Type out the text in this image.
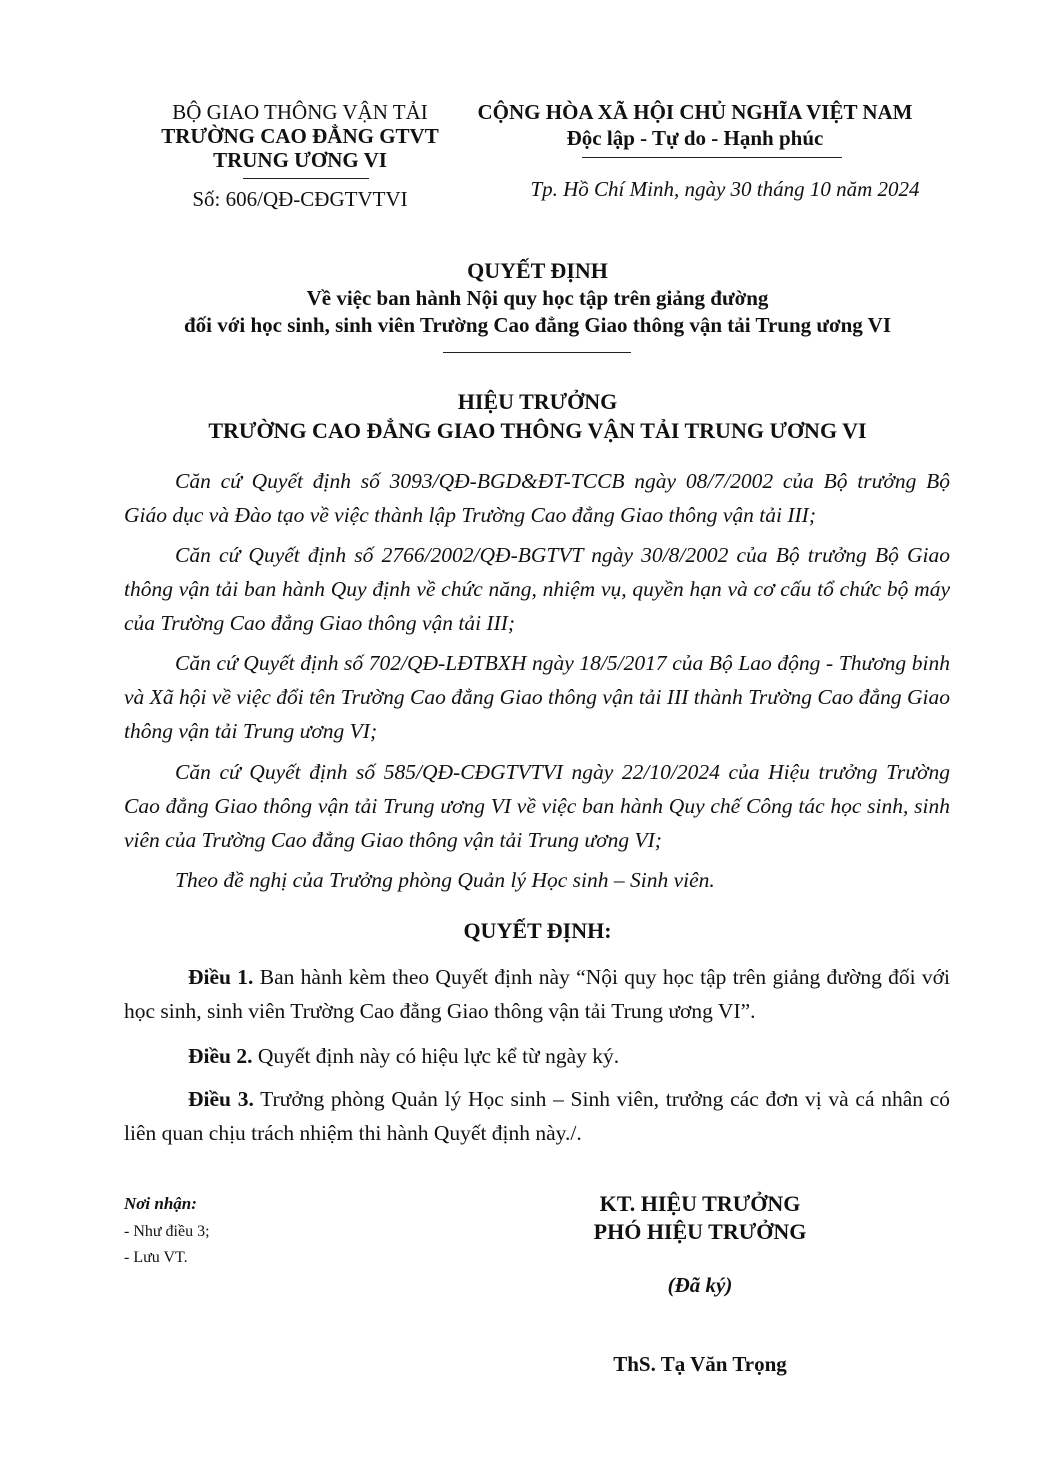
BỘ GIAO THÔNG VẬN TẢI
TRƯỜNG CAO ĐẲNG GTVT
TRUNG ƯƠNG VI
Số: 606/QĐ-CĐGTVTVI
CỘNG HÒA XÃ HỘI CHỦ NGHĨA VIỆT NAM
Độc lập - Tự do - Hạnh phúc
Tp. Hồ Chí Minh, ngày 30 tháng 10 năm 2024
QUYẾT ĐỊNH
Về việc ban hành Nội quy học tập trên giảng đường
đối với học sinh, sinh viên Trường Cao đẳng Giao thông vận tải Trung ương VI
HIỆU TRƯỞNG
TRƯỜNG CAO ĐẲNG GIAO THÔNG VẬN TẢI TRUNG ƯƠNG VI
Căn cứ Quyết định số 3093/QĐ-BGD&ĐT-TCCB ngày 08/7/2002 của Bộ trưởng Bộ Giáo dục và Đào tạo về việc thành lập Trường Cao đẳng Giao thông vận tải III;
Căn cứ Quyết định số 2766/2002/QĐ-BGTVT ngày 30/8/2002 của Bộ trưởng Bộ Giao thông vận tải ban hành Quy định về chức năng, nhiệm vụ, quyền hạn và cơ cấu tổ chức bộ máy của Trường Cao đẳng Giao thông vận tải III;
Căn cứ Quyết định số 702/QĐ-LĐTBXH ngày 18/5/2017 của Bộ Lao động - Thương binh và Xã hội về việc đổi tên Trường Cao đẳng Giao thông vận tải III thành Trường Cao đẳng Giao thông vận tải Trung ương VI;
Căn cứ Quyết định số 585/QĐ-CĐGTVTVI ngày 22/10/2024 của Hiệu trưởng Trường Cao đẳng Giao thông vận tải Trung ương VI về việc ban hành Quy chế Công tác học sinh, sinh viên của Trường Cao đẳng Giao thông vận tải Trung ương VI;
Theo đề nghị của Trưởng phòng Quản lý Học sinh – Sinh viên.
QUYẾT ĐỊNH:
Điều 1. Ban hành kèm theo Quyết định này “Nội quy học tập trên giảng đường đối với học sinh, sinh viên Trường Cao đẳng Giao thông vận tải Trung ương VI”.
Điều 2. Quyết định này có hiệu lực kể từ ngày ký.
Điều 3. Trưởng phòng Quản lý Học sinh – Sinh viên, trưởng các đơn vị và cá nhân có liên quan chịu trách nhiệm thi hành Quyết định này./.
Nơi nhận:
- Như điều 3;
- Lưu VT.
KT. HIỆU TRƯỞNG
PHÓ HIỆU TRƯỞNG
(Đã ký)
ThS. Tạ Văn Trọng
